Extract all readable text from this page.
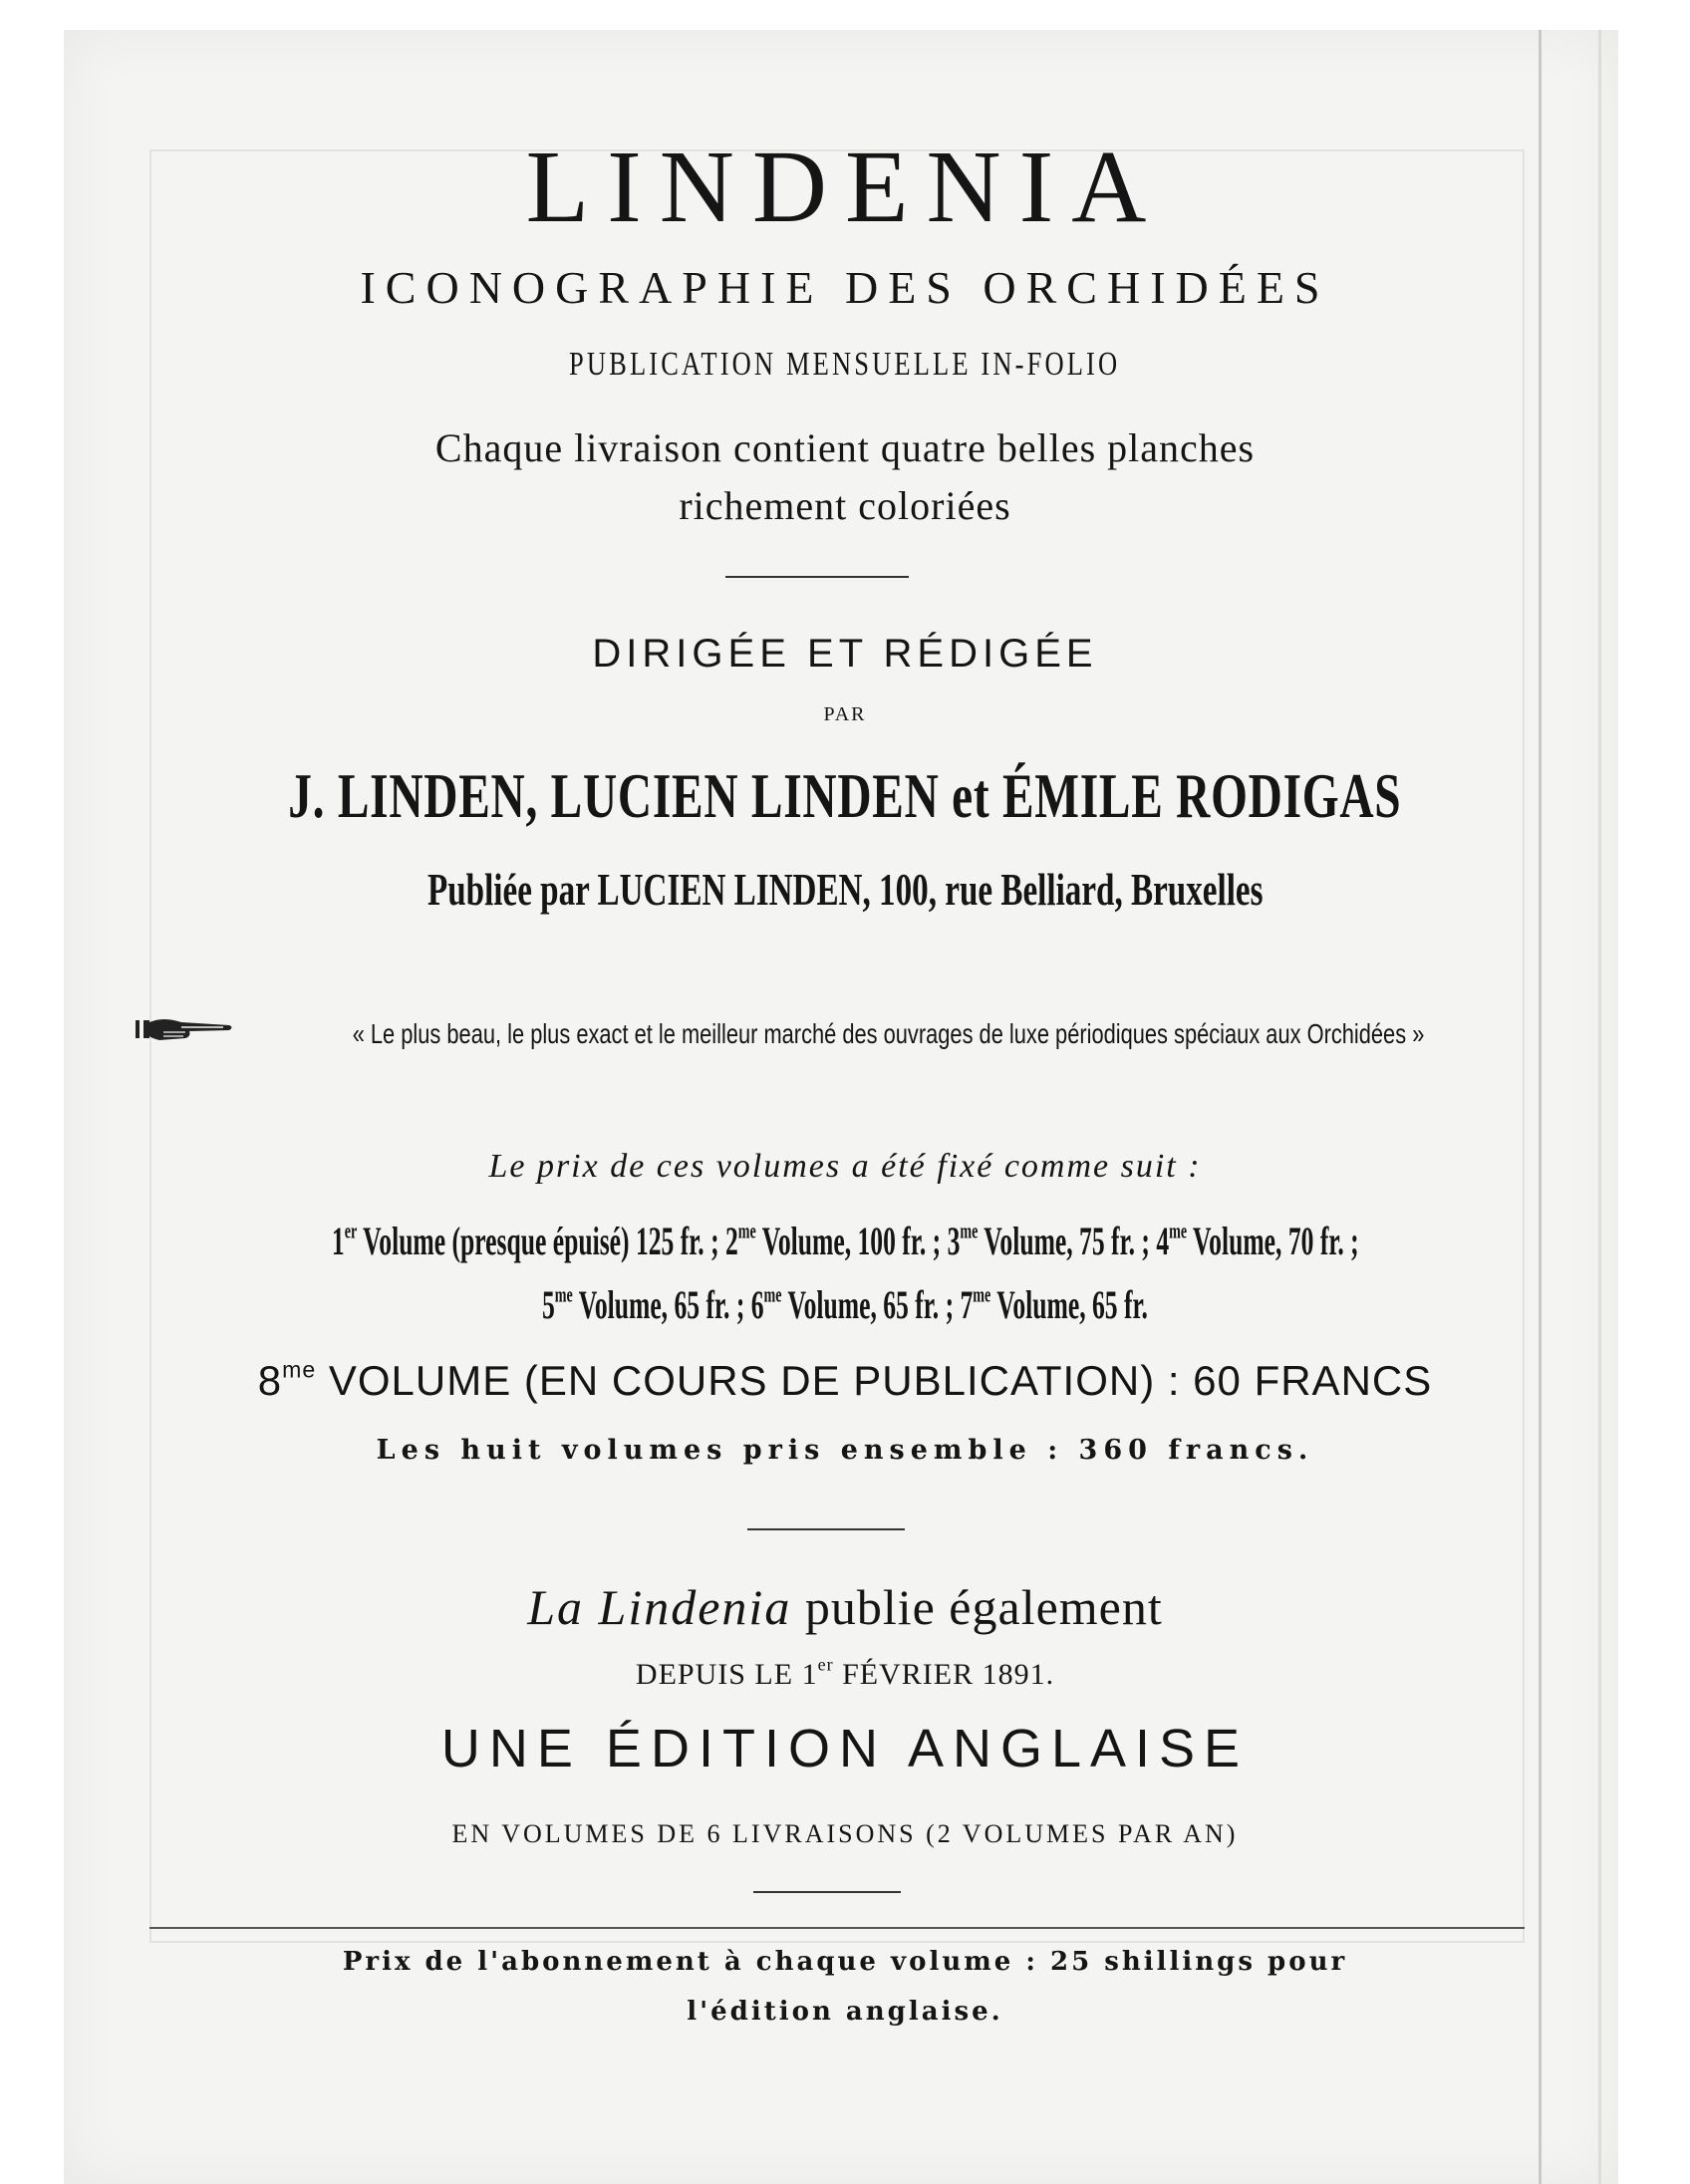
LINDENIA
ICONOGRAPHIE DES ORCHIDÉES
PUBLICATION MENSUELLE IN-FOLIO
Chaque livraison contient quatre belles planches
richement coloriées
DIRIGÉE ET RÉDIGÉE
PAR
J. LINDEN, LUCIEN LINDEN et ÉMILE RODIGAS
Publiée par LUCIEN LINDEN, 100, rue Belliard, Bruxelles
« Le plus beau, le plus exact et le meilleur marché des ouvrages de luxe périodiques spéciaux aux Orchidées »
Le prix de ces volumes a été fixé comme suit :
1er Volume (presque épuisé) 125 fr. ; $2^{me}$ Volume, 100 fr. ; $3^{me}$ Volume, 75 fr. ; $4^{me}$ Volume, 70 fr. ;
$5^{me}$ Volume, 65 fr. ; $6^{me}$ Volume, 65 fr. ; $7^{me}$ Volume, 65 fr.
$8^{me}$ VOLUME (EN COURS DE PUBLICATION) : 60 FRANCS
Les huit volumes pris ensemble : 360 francs.
La Lindenia publie également
DEPUIS LE 1er FÉVRIER 1891.
UNE ÉDITION ANGLAISE
EN VOLUMES DE 6 LIVRAISONS (2 VOLUMES PAR AN)
Prix de l'abonnement à chaque volume : 25 shillings pour
l'édition anglaise.
